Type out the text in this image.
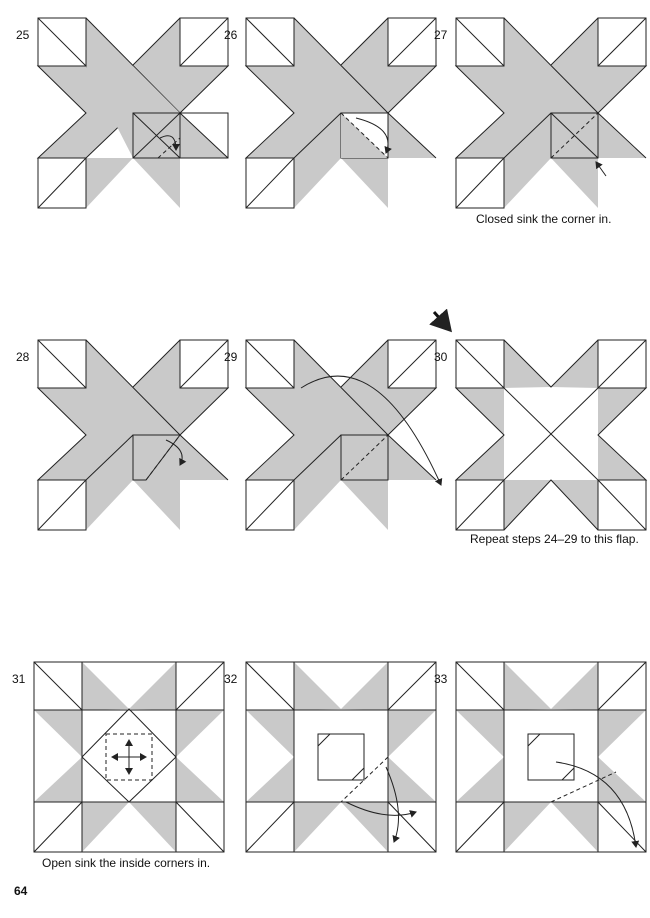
25	26	27
Closed sink the corner in.
28	29	30
Repeat steps 24–29 to this flap.
31
Open sink the inside corners in.
32	33
64
